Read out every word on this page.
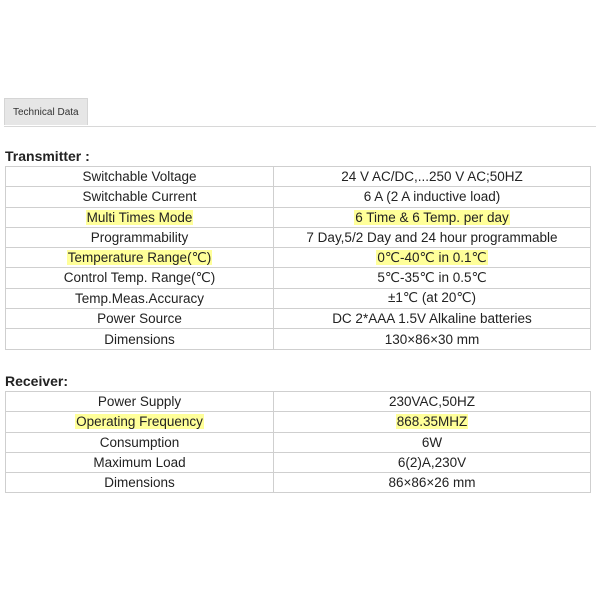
Technical Data
Transmitter :
Switchable Voltage	24 V AC/DC,...250 V AC;50HZ
Switchable Current	6 A (2 A inductive load)
Multi Times Mode	6 Time & 6 Temp. per day
Programmability	7 Day,5/2 Day and 24 hour programmable
Temperature Range(℃)	0℃-40℃ in 0.1℃
Control Temp. Range(℃)	5℃-35℃ in 0.5℃
Temp.Meas.Accuracy	±1℃ (at 20℃)
Power Source	DC 2*AAA 1.5V Alkaline batteries
Dimensions	130×86×30 mm
Receiver:
Power Supply	230VAC,50HZ
Operating Frequency	868.35MHZ
Consumption	6W
Maximum Load	6(2)A,230V
Dimensions	86×86×26 mm
